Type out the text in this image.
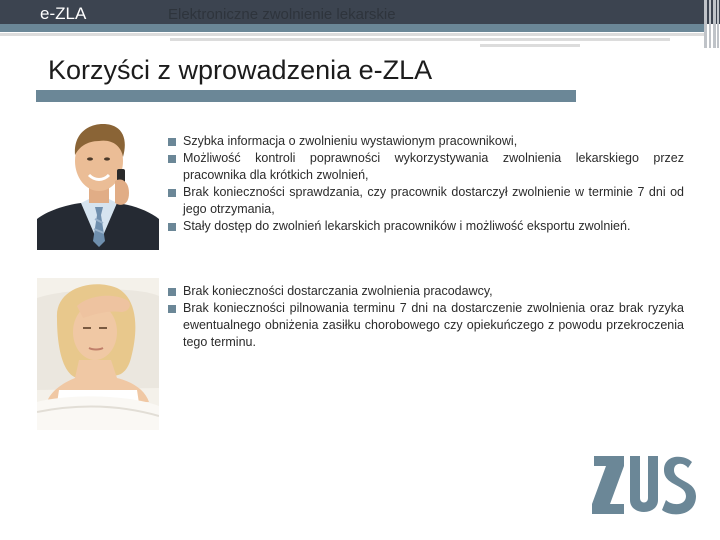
e-ZLA	Elektroniczne zwolnienie lekarskie
Korzyści z wprowadzenia e-ZLA
Szybka informacja o zwolnieniu wystawionym pracownikowi,
Możliwość kontroli poprawności wykorzystywania zwolnienia lekarskiego przez pracownika dla krótkich zwolnień,
Brak konieczności sprawdzania, czy pracownik dostarczył zwolnienie w terminie 7 dni od jego otrzymania,
Stały dostęp do zwolnień lekarskich pracowników i możliwość eksportu zwolnień.
Brak konieczności dostarczania zwolnienia pracodawcy,
Brak konieczności pilnowania terminu 7 dni na dostarczenie zwolnienia oraz brak ryzyka ewentualnego obniżenia zasiłku chorobowego czy opiekuńczego z powodu przekroczenia tego terminu.
